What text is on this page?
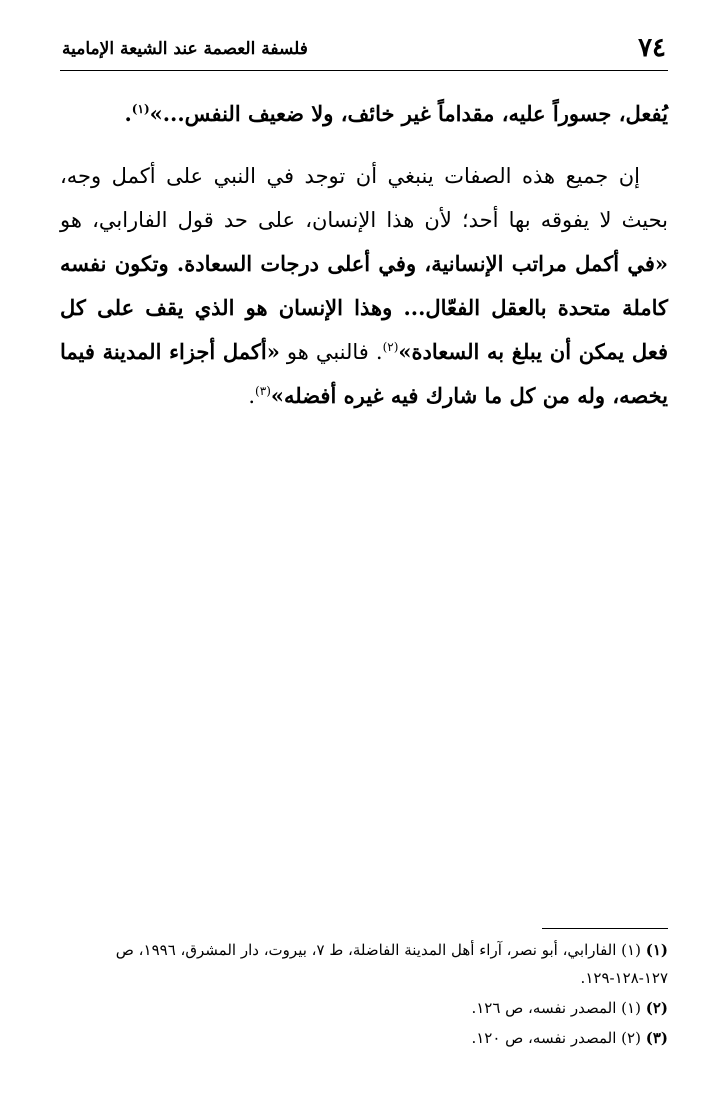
٧٤
فلسفة العصمة عند الشيعة الإمامية

يُفعل، جسوراً عليه، مقداماً غير خائف، ولا ضعيف النفس...»$^{(١)}$.

إن جميع هذه الصفات ينبغي أن توجد في النبي على أكمل وجه، بحيث لا يفوقه بها أحد؛ لأن هذا الإنسان، على حد قول الفارابي، هو «في أكمل مراتب الإنسانية، وفي أعلى درجات السعادة. وتكون نفسه كاملة متحدة بالعقل الفعّال... وهذا الإنسان هو الذي يقف على كل فعل يمكن أن يبلغ به السعادة»$^{(٢)}$. فالنبي هو «أكمل أجزاء المدينة فيما يخصه، وله من كل ما شارك فيه غيره أفضله»$^{(٣)}$.

(١) (١) الفارابي، أبو نصر، آراء أهل المدينة الفاضلة، ط ٧، بيروت، دار المشرق، ١٩٩٦، ص ١٢٧-١٢٨-١٢٩.

(٢) (١) المصدر نفسه، ص ١٢٦.

(٣) (٢) المصدر نفسه، ص ١٢٠.
